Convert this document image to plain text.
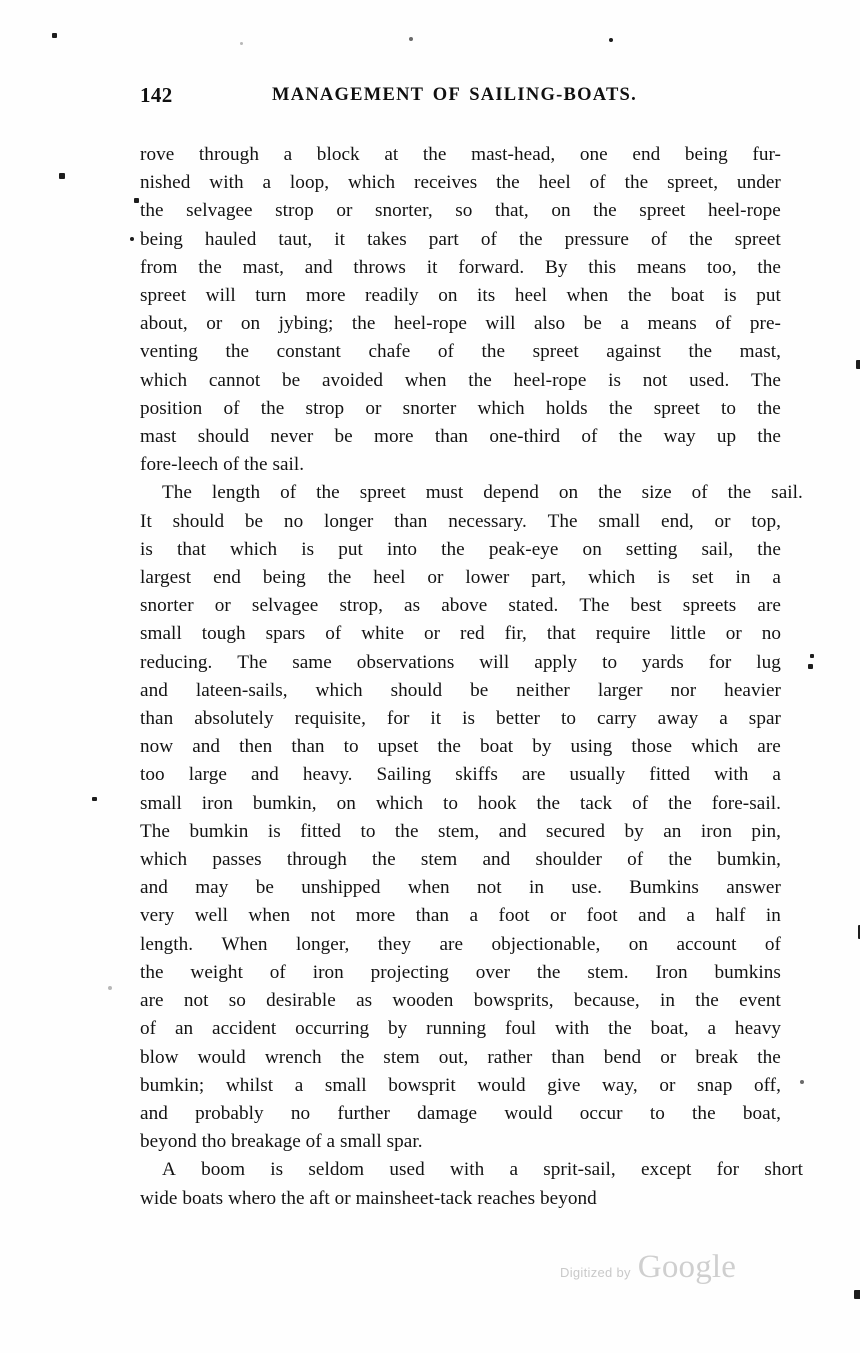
142	MANAGEMENT OF SAILING-BOATS.

rove through a block at the mast-head, one end being fur-
nished with a loop, which receives the heel of the spreet, under
the selvagee strop or snorter, so that, on the spreet heel-rope
being hauled taut, it takes part of the pressure of the spreet
from the mast, and throws it forward. By this means too, the
spreet will turn more readily on its heel when the boat is put
about, or on jybing; the heel-rope will also be a means of pre-
venting the constant chafe of the spreet against the mast,
which cannot be avoided when the heel-rope is not used. The
position of the strop or snorter which holds the spreet to the
mast should never be more than one-third of the way up the
fore-leech of the sail.

The length of the spreet must depend on the size of the sail.
It should be no longer than necessary. The small end, or top,
is that which is put into the peak-eye on setting sail, the
largest end being the heel or lower part, which is set in a
snorter or selvagee strop, as above stated. The best spreets are
small tough spars of white or red fir, that require little or no
reducing. The same observations will apply to yards for lug
and lateen-sails, which should be neither larger nor heavier
than absolutely requisite, for it is better to carry away a spar
now and then than to upset the boat by using those which are
too large and heavy. Sailing skiffs are usually fitted with a
small iron bumkin, on which to hook the tack of the fore-sail.
The bumkin is fitted to the stem, and secured by an iron pin,
which passes through the stem and shoulder of the bumkin,
and may be unshipped when not in use. Bumkins answer
very well when not more than a foot or foot and a half in
length. When longer, they are objectionable, on account of
the weight of iron projecting over the stem. Iron bumkins
are not so desirable as wooden bowsprits, because, in the event
of an accident occurring by running foul with the boat, a heavy
blow would wrench the stem out, rather than bend or break the
bumkin; whilst a small bowsprit would give way, or snap off,
and probably no further damage would occur to the boat,
beyond tho breakage of a small spar.

A boom is seldom used with a sprit-sail, except for short
wide boats whero the aft or mainsheet-tack reaches beyond

Digitized by Google
